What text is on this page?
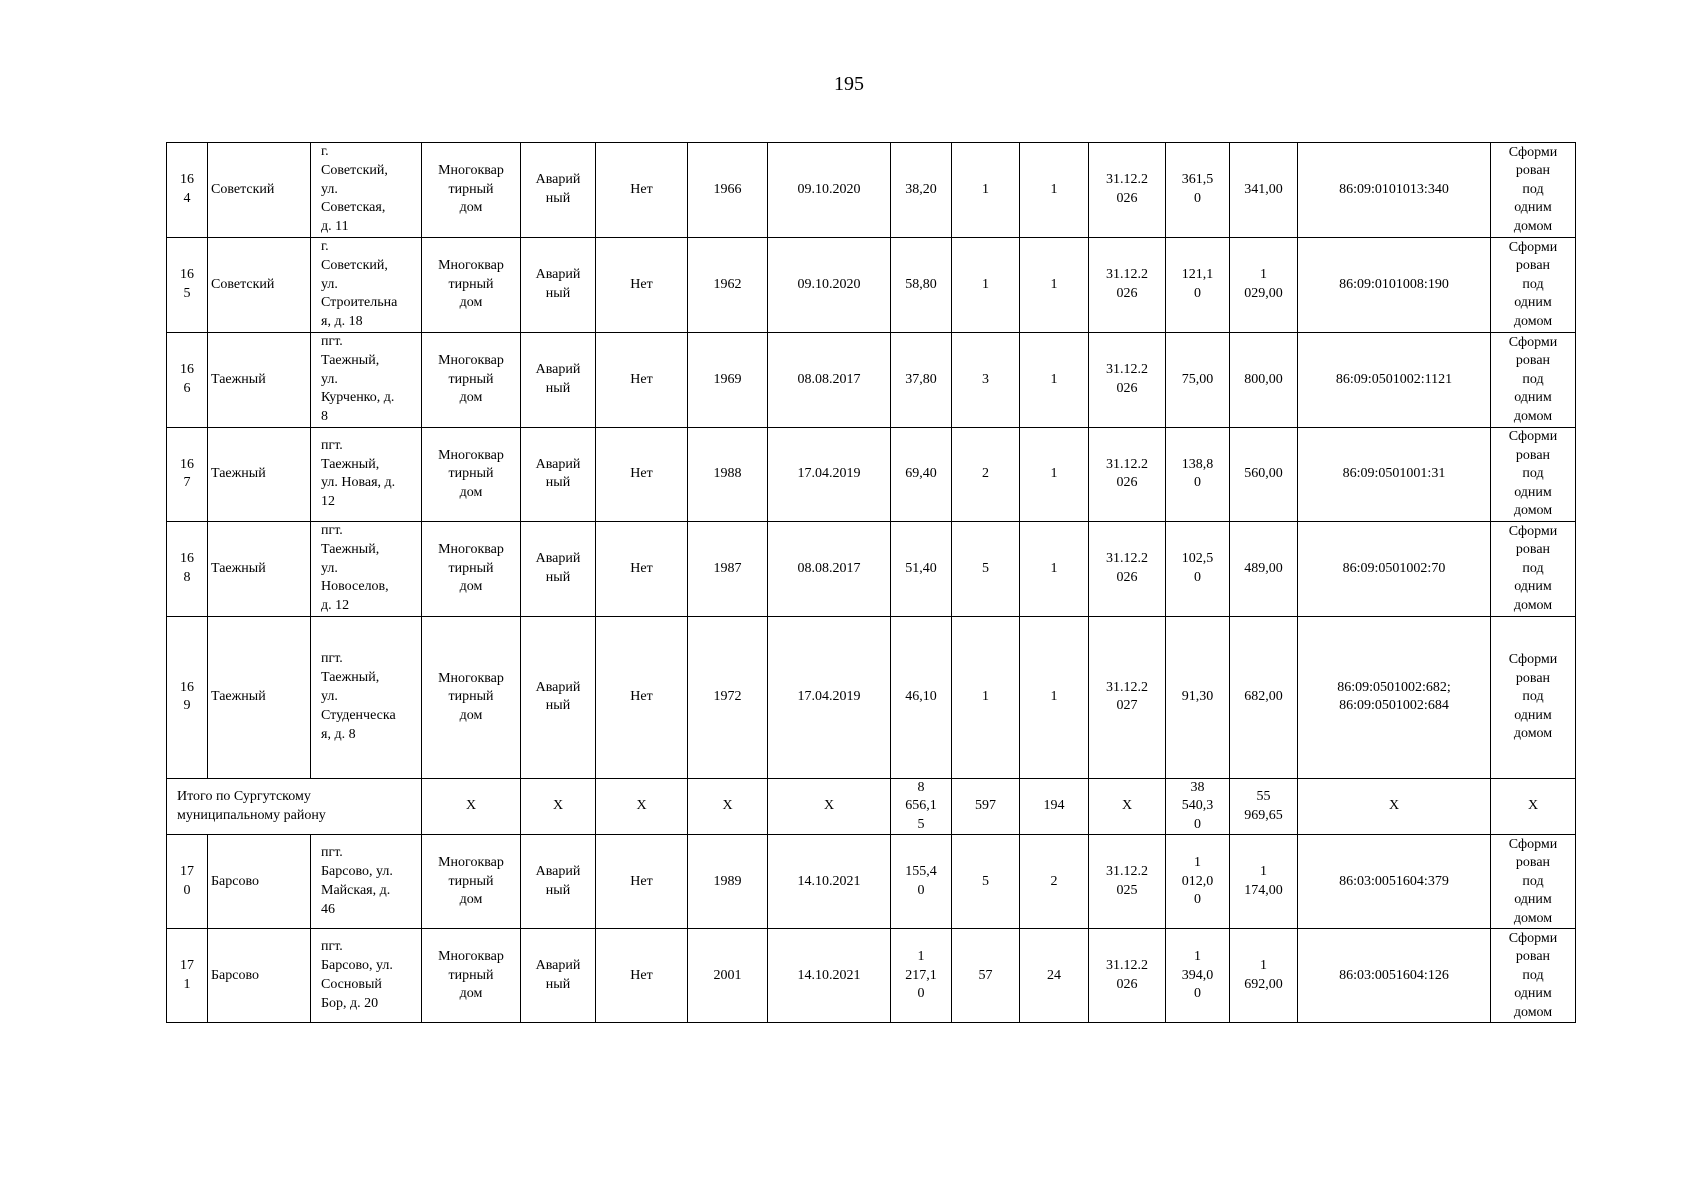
195
16
4	Советский	г.
Советский,
ул.
Советская,
д. 11	Многоквар
тирный
дом	Аварий
ный	Нет	1966	09.10.2020	38,20	1	1	31.12.2
026	361,5
0	341,00	86:09:0101013:340	Сформи
рован
под
одним
домом
16
5	Советский	г.
Советский,
ул.
Строительна
я, д. 18	Многоквар
тирный
дом	Аварий
ный	Нет	1962	09.10.2020	58,80	1	1	31.12.2
026	121,1
0	1
029,00	86:09:0101008:190	Сформи
рован
под
одним
домом
16
6	Таежный	пгт.
Таежный,
ул.
Курченко, д.
8	Многоквар
тирный
дом	Аварий
ный	Нет	1969	08.08.2017	37,80	3	1	31.12.2
026	75,00	800,00	86:09:0501002:1121	Сформи
рован
под
одним
домом
16
7	Таежный	пгт.
Таежный,
ул. Новая, д.
12	Многоквар
тирный
дом	Аварий
ный	Нет	1988	17.04.2019	69,40	2	1	31.12.2
026	138,8
0	560,00	86:09:0501001:31	Сформи
рован
под
одним
домом
16
8	Таежный	пгт.
Таежный,
ул.
Новоселов,
д. 12	Многоквар
тирный
дом	Аварий
ный	Нет	1987	08.08.2017	51,40	5	1	31.12.2
026	102,5
0	489,00	86:09:0501002:70	Сформи
рован
под
одним
домом
16
9	Таежный	пгт.
Таежный,
ул.
Студенческа
я, д. 8	Многоквар
тирный
дом	Аварий
ный	Нет	1972	17.04.2019	46,10	1	1	31.12.2
027	91,30	682,00	86:09:0501002:682;
86:09:0501002:684	Сформи
рован
под
одним
домом
Итого по Сургутскому
муниципальному району			X	X	X	X	X	8
656,1
5	597	194	X	38
540,3
0	55
969,65	X	X
17
0	Барсово	пгт.
Барсово, ул.
Майская, д.
46	Многоквар
тирный
дом	Аварий
ный	Нет	1989	14.10.2021	155,4
0	5	2	31.12.2
025	1
012,0
0	1
174,00	86:03:0051604:379	Сформи
рован
под
одним
домом
17
1	Барсово	пгт.
Барсово, ул.
Сосновый
Бор, д. 20	Многоквар
тирный
дом	Аварий
ный	Нет	2001	14.10.2021	1
217,1
0	57	24	31.12.2
026	1
394,0
0	1
692,00	86:03:0051604:126	Сформи
рован
под
одним
домом
